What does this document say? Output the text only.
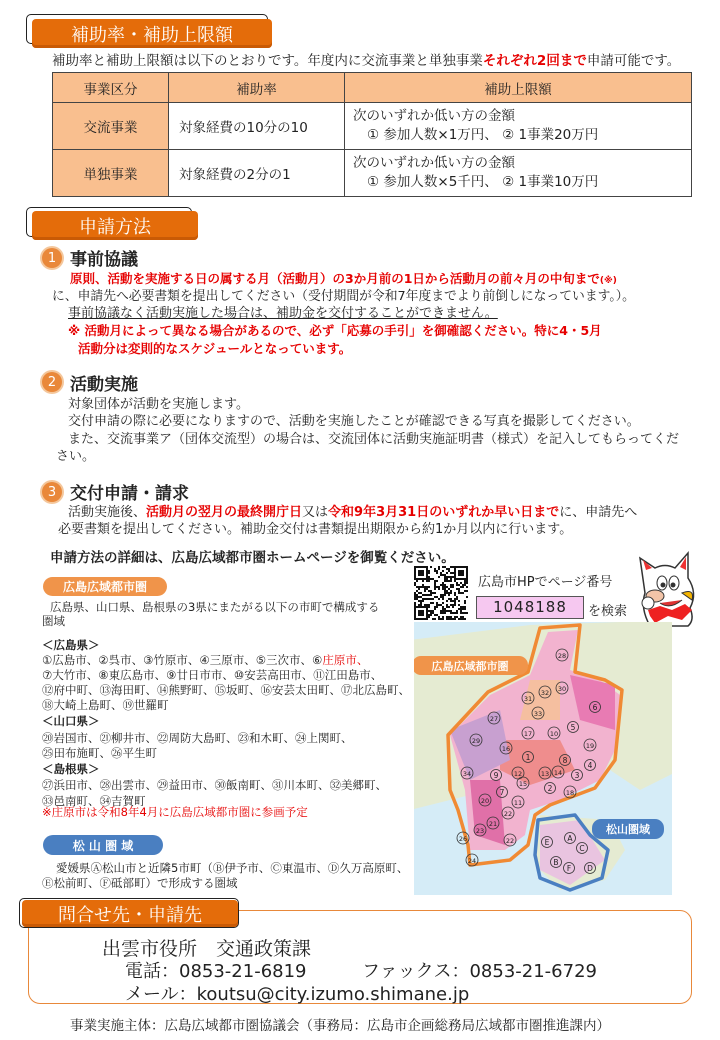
補助率・補助上限額
補助率と補助上限額は以下のとおりです。年度内に交流事業と単独事業それぞれ2回まで申請可能です。
事業区分	補助率	補助上限額
交流事業	対象経費の10分の10	次のいずれか低い方の金額
① 参加人数×1万円、 ② 1事業20万円

単独事業	対象経費の2分の1	次のいずれか低い方の金額
① 参加人数×5千円、 ② 1事業10万円
申請方法
1 事前協議
原則、活動を実施する日の属する月（活動月）の3か月前の1日から活動月の前々月の中旬まで(※)
に、申請先へ必要書類を提出してください（受付期間が令和7年度までより前倒しになっています。）。
事前協議なく活動実施した場合は、補助金を交付することができません。
※ 活動月によって異なる場合があるので、必ず「応募の手引」を御確認ください。特に4・5月
活動分は変則的なスケジュールとなっています。
2 活動実施
対象団体が活動を実施します。
交付申請の際に必要になりますので、活動を実施したことが確認できる写真を撮影してください。
また、交流事業ア（団体交流型）の場合は、交流団体に活動実施証明書（様式）を記入してもらってくだ
さい。
3 交付申請・請求
活動実施後、活動月の翌月の最終開庁日又は令和9年3月31日のいずれか早い日までに、申請先へ
必要書類を提出してください。補助金交付は書類提出期限から約1か月以内に行います。
申請方法の詳細は、広島広域都市圏ホームページを御覧ください。
広島広域都市圏
広島県、山口県、島根県の3県にまたがる以下の市町で構成する
圏域
＜広島県＞
①広島市、②呉市、③竹原市、④三原市、⑤三次市、⑥庄原市、
⑦大竹市、⑧東広島市、⑨廿日市市、⑩安芸高田市、⑪江田島市、
⑫府中町、⑬海田町、⑭熊野町、⑮坂町、⑯安芸太田町、⑰北広島町、
⑱大崎上島町、⑲世羅町
＜山口県＞
⑳岩国市、㉑柳井市、㉒周防大島町、㉓和木町、㉔上関町、
㉕田布施町、㉖平生町
＜島根県＞
㉗浜田市、㉘出雲市、㉙益田市、㉚飯南町、㉛川本町、㉜美郷町、
㉝邑南町、㉞吉賀町
※庄原市は令和8年4月に広島広域都市圏に参画予定
松 山 圏 域
愛媛県Ⓐ松山市と近隣5市町（Ⓑ伊予市、Ⓒ東温市、Ⓓ久万高原町、
Ⓔ松前町、Ⓕ砥部町）で形成する圏域
広島市HPでページ番号
1048188	を検索
広島広域都市圏
松山圏域
28
32 30
31
6
27
33
5
17	10
29
19
16
1	8
4
34	12	13 14
9	3
15	2 18
7
20	11
22
21
23
26	22
24
A
C
E
B
F D
問合せ先・申請先
出雲市役所　交通政策課
電話：0853-21-6819	ファックス：0853-21-6729
メール：koutsu@city.izumo.shimane.jp
事業実施主体：広島広域都市圏協議会（事務局：広島市企画総務局広域都市圏推進課内）
